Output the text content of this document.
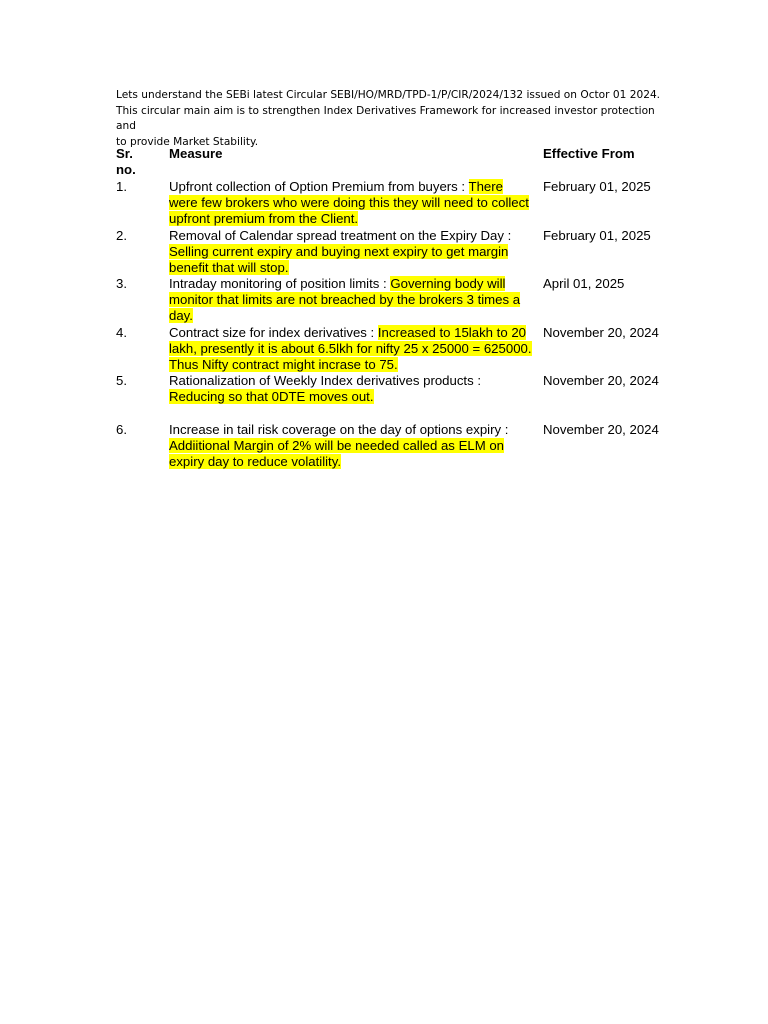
Lets understand the SEBi latest Circular SEBI/HO/MRD/TPD-1/P/CIR/2024/132 issued on Octor 01 2024.

This circular main aim is to strengthen Index Derivatives Framework for increased investor protection and

to provide Market Stability.

Sr.
no.	Measure	Effective From
1.	Upfront collection of Option Premium from buyers : There were few brokers who were doing this they will need to collect upfront premium from the Client.	February 01, 2025
2.	Removal of Calendar spread treatment on the Expiry Day : Selling current expiry and buying next expiry to get margin benefit that will stop.	February 01, 2025
3.	Intraday monitoring of position limits : Governing body will monitor that limits are not breached by the brokers 3 times a day.	April 01, 2025
4.	Contract size for index derivatives : Increased to 15lakh to 20 lakh, presently it is about 6.5lkh for nifty 25 x 25000 = 625000. Thus Nifty contract might incrase to 75.	November 20, 2024
5.	Rationalization of Weekly Index derivatives products : Reducing so that 0DTE moves out.	November 20, 2024
6.	Increase in tail risk coverage on the day of options expiry : Addiitional Margin of 2% will be needed called as ELM on expiry day to reduce volatility.	November 20, 2024
